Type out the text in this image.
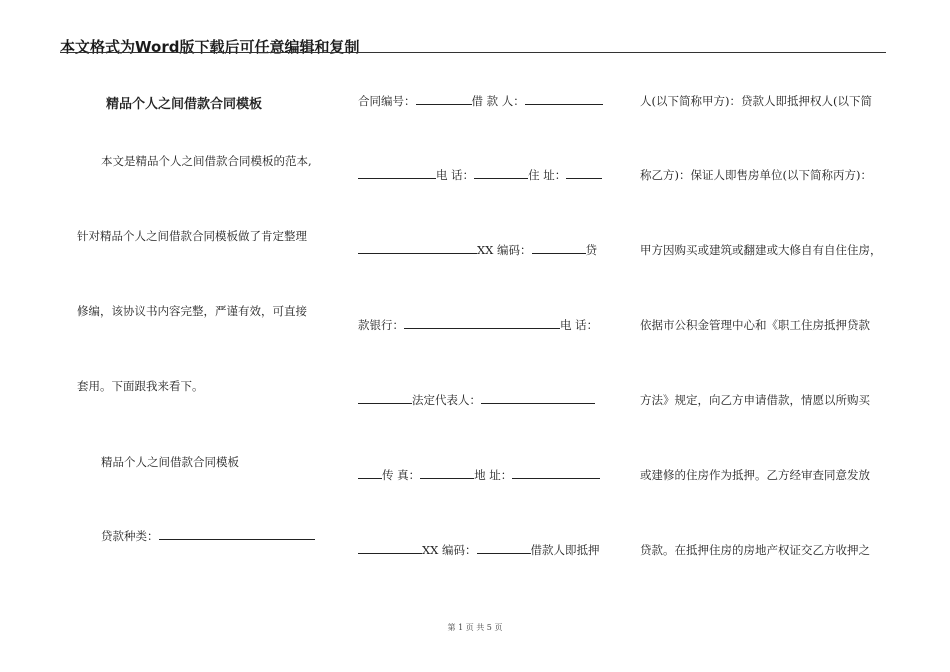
本文格式为Word版下载后可任意编辑和复制
精品个人之间借款合同模板
本文是精品个人之间借款合同模板的范本,
针对精品个人之间借款合同模板做了肯定整理
修编，该协议书内容完整，严谨有效，可直接
套用。下面跟我来看下。
精品个人之间借款合同模板
贷款种类：
合同编号：	借 款 人：
电 话：	住 址：
XX 编码：	贷
款银行：	电 话：
法定代表人：
传 真：	地 址：
XX 编码：	借款人即抵押
人(以下简称甲方)：贷款人即抵押权人(以下简
称乙方)：保证人即售房单位(以下简称丙方)：
甲方因购买或建筑或翻建或大修自有自住住房，
依据市公积金管理中心和《职工住房抵押贷款
方法》规定，向乙方申请借款，情愿以所购买
或建修的住房作为抵押。乙方经审查同意发放
贷款。在抵押住房的房地产权证交乙方收押之
第 1 页 共 5 页
